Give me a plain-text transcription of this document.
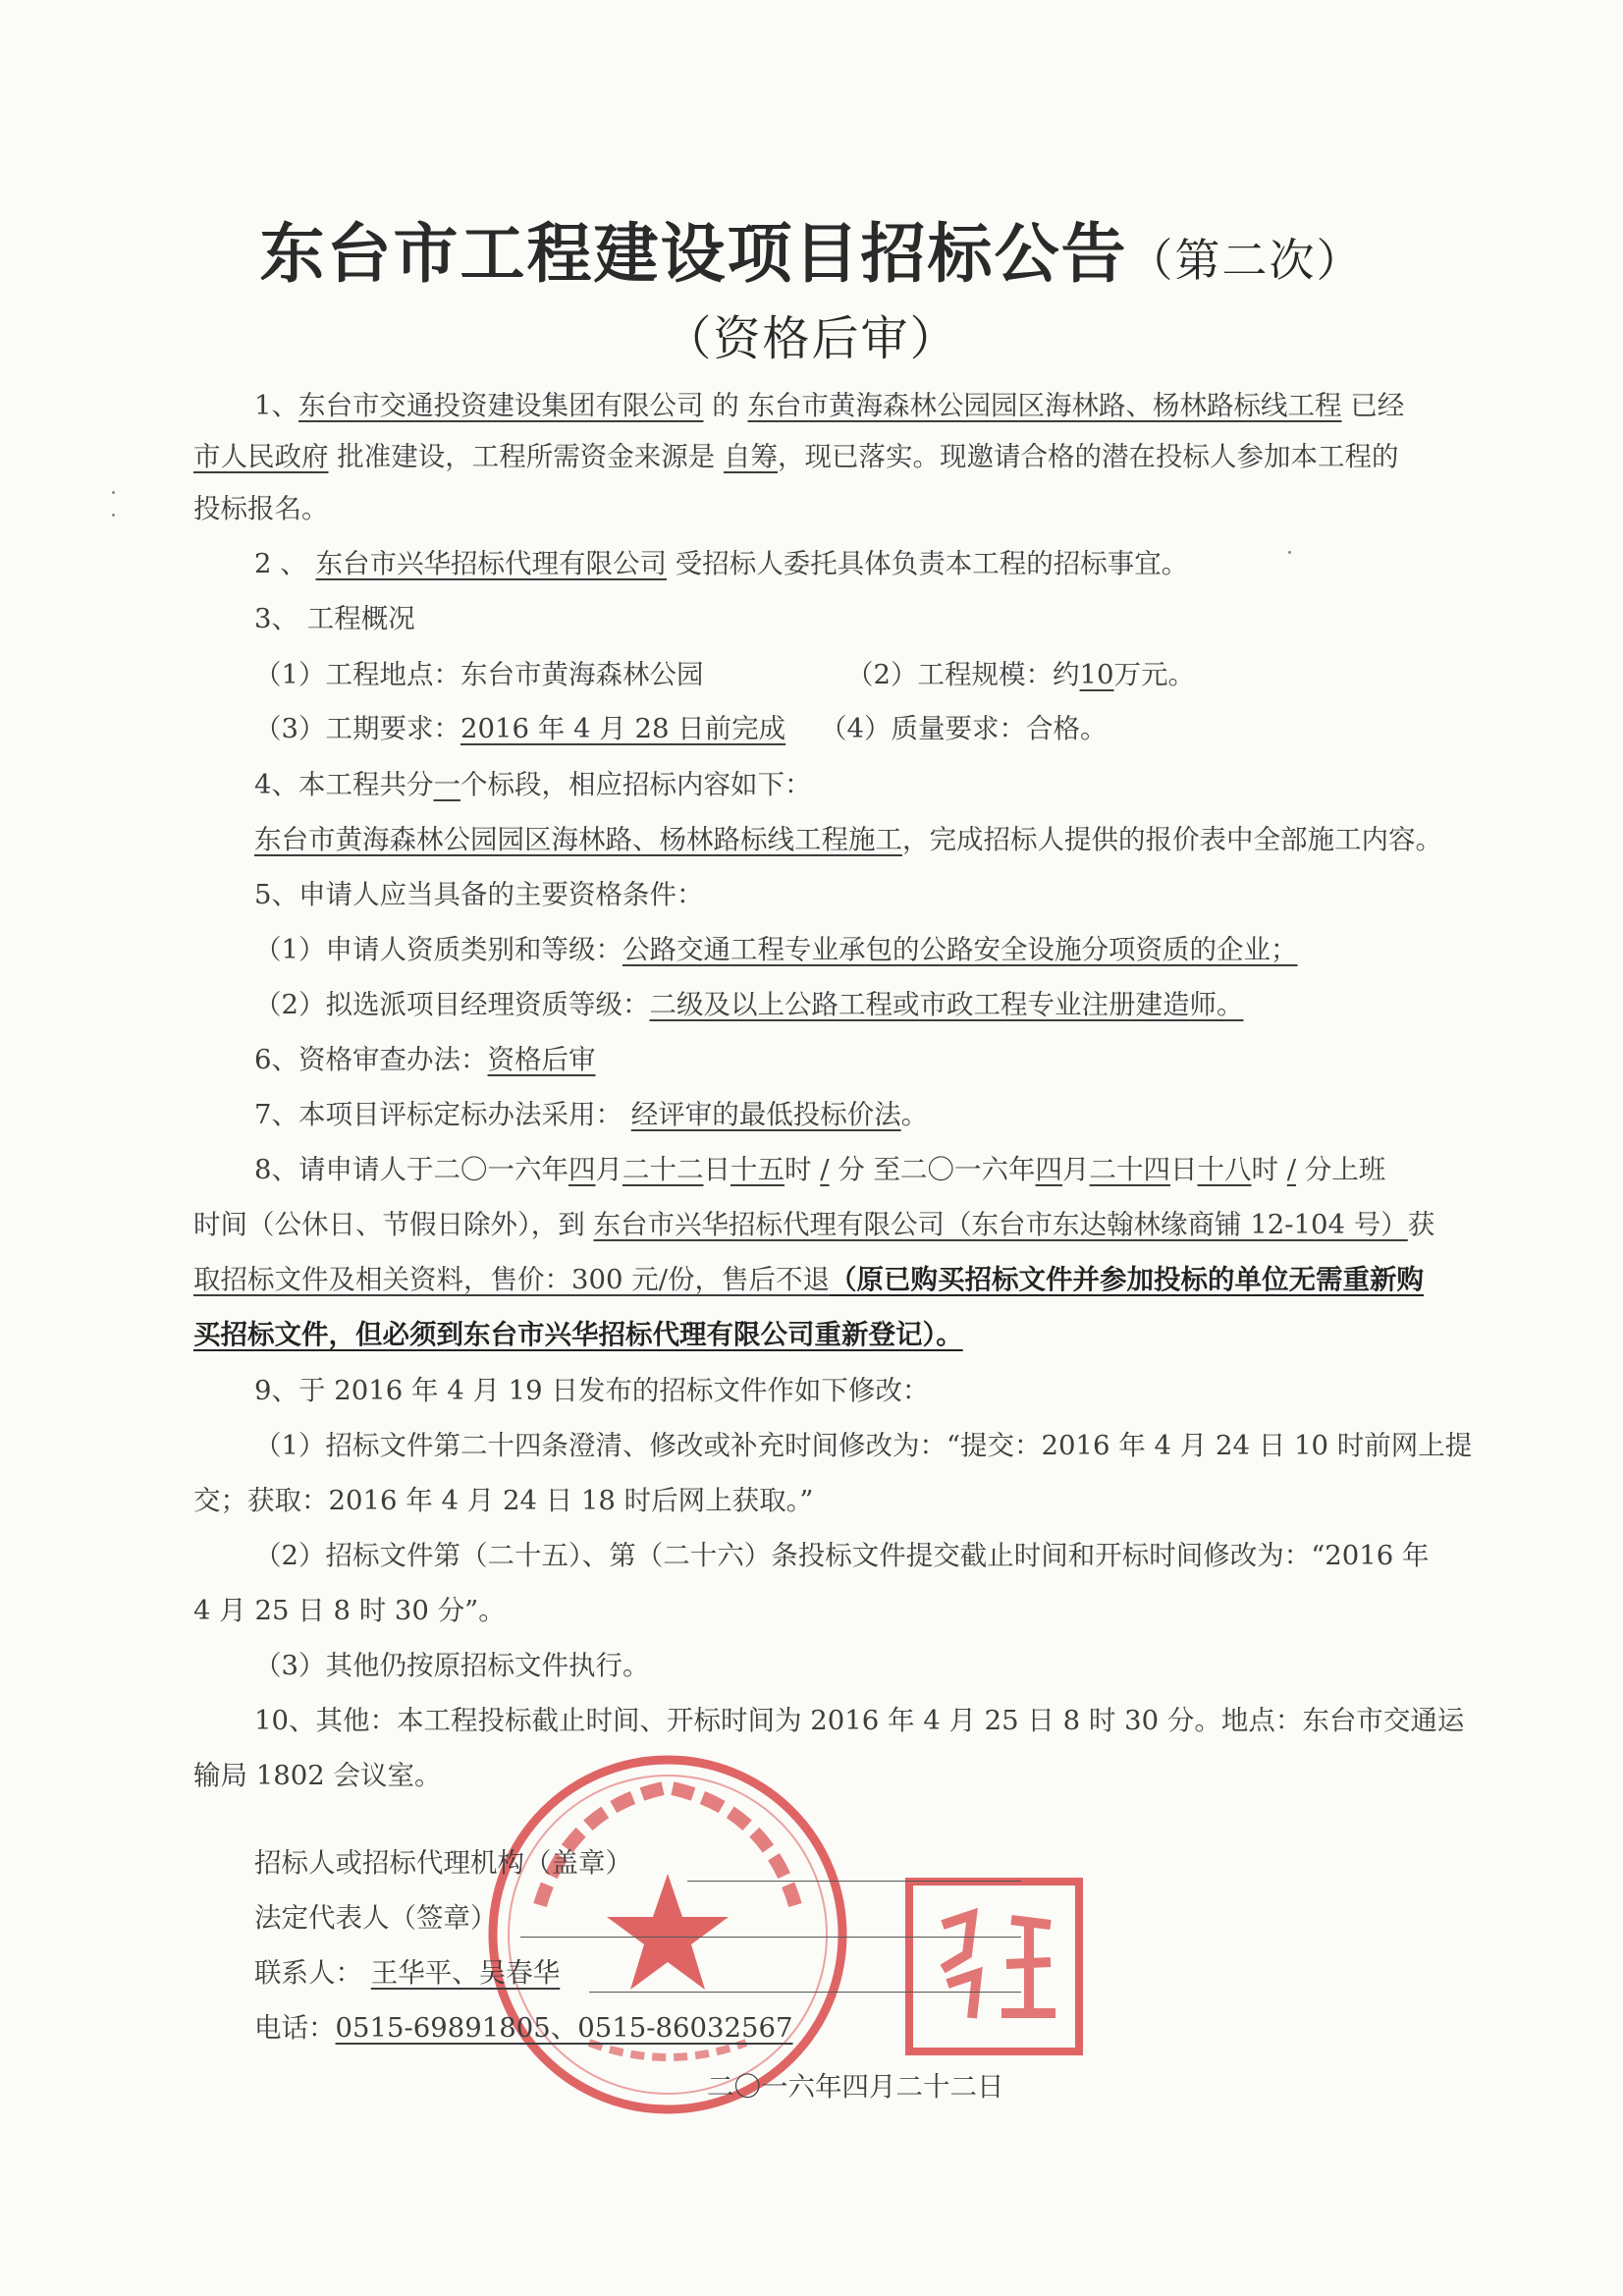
东台市工程建设项目招标公告（第二次）
（资格后审）
1、东台市交通投资建设集团有限公司 的 东台市黄海森林公园园区海林路、杨林路标线工程 已经
市人民政府 批准建设，工程所需资金来源是 自筹，现已落实。现邀请合格的潜在投标人参加本工程的
投标报名。
2 、 东台市兴华招标代理有限公司 受招标人委托具体负责本工程的招标事宜。
3、 工程概况
（1）工程地点：东台市黄海森林公园	（2）工程规模：约10万元。
（3）工期要求：2016 年 4 月 28 日前完成 （4）质量要求：合格。
4、本工程共分一个标段，相应招标内容如下：
东台市黄海森林公园园区海林路、杨林路标线工程施工，完成招标人提供的报价表中全部施工内容。
5、申请人应当具备的主要资格条件：
（1）申请人资质类别和等级：公路交通工程专业承包的公路安全设施分项资质的企业；
（2）拟选派项目经理资质等级：二级及以上公路工程或市政工程专业注册建造师。
6、资格审查办法：资格后审
7、本项目评标定标办法采用： 经评审的最低投标价法。
8、请申请人于二〇一六年四月二十二日十五时 / 分 至二〇一六年四月二十四日十八时 / 分上班
时间（公休日、节假日除外），到 东台市兴华招标代理有限公司（东台市东达翰林缘商铺 12-104 号）获
取招标文件及相关资料，售价：300 元/份，售后不退（原已购买招标文件并参加投标的单位无需重新购
买招标文件，但必须到东台市兴华招标代理有限公司重新登记）。
9、于 2016 年 4 月 19 日发布的招标文件作如下修改：
（1）招标文件第二十四条澄清、修改或补充时间修改为：“提交：2016 年 4 月 24 日 10 时前网上提
交；获取：2016 年 4 月 24 日 18 时后网上获取。”
（2）招标文件第（二十五）、第（二十六）条投标文件提交截止时间和开标时间修改为：“2016 年
4 月 25 日 8 时 30 分”。
（3）其他仍按原招标文件执行。
10、其他：本工程投标截止时间、开标时间为 2016 年 4 月 25 日 8 时 30 分。地点：东台市交通运
输局 1802 会议室。
招标人或招标代理机构（盖章）
法定代表人（签章）
联系人： 王华平、吴春华
电话：0515-69891805、0515-86032567
二〇一六年四月二十二日
